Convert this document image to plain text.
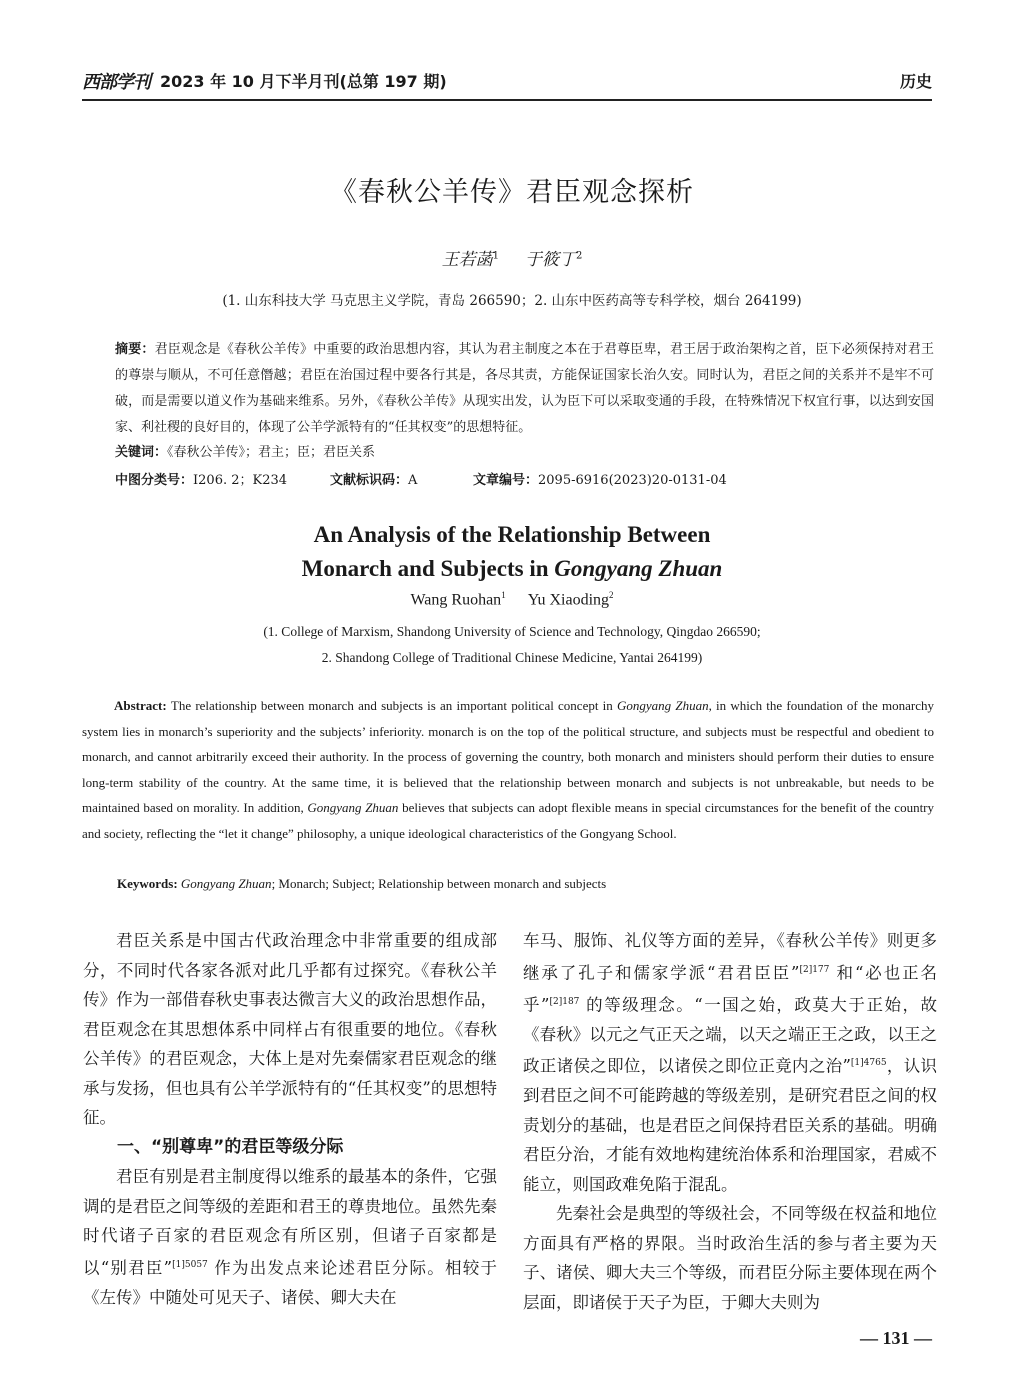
西部学刊 2023 年 10 月下半月刊(总第 197 期)	历史
《春秋公羊传》君臣观念探析
王若菡$^1$ 于筱丁$^2$
(1. 山东科技大学 马克思主义学院，青岛 266590；2. 山东中医药高等专科学校，烟台 264199)

摘要：君臣观念是《春秋公羊传》中重要的政治思想内容，其认为君主制度之本在于君尊臣卑，君王居于政治架构之首，臣下必须保持对君王的尊崇与顺从，不可任意僭越；君臣在治国过程中要各行其是，各尽其责，方能保证国家长治久安。同时认为，君臣之间的关系并不是牢不可破，而是需要以道义作为基础来维系。另外，《春秋公羊传》从现实出发，认为臣下可以采取变通的手段，在特殊情况下权宜行事，以达到安国家、利社稷的良好目的，体现了公羊学派特有的“任其权变”的思想特征。

关键词：《春秋公羊传》；君主；臣；君臣关系
中图分类号：I206. 2；K234	文献标识码：A	文章编号：2095-6916(2023)20-0131-04
An Analysis of the Relationship Between
Monarch and Subjects in Gongyang Zhuan
Wang Ruohan$^1$ Yu Xiaoding$^2$
(1. College of Marxism, Shandong University of Science and Technology, Qingdao 266590;
2. Shandong College of Traditional Chinese Medicine, Yantai 264199)
Abstract: The relationship between monarch and subjects is an important political concept in Gongyang Zhuan, in which the foundation of the monarchy system lies in monarch’s superiority and the subjects’ inferiority. monarch is on the top of the political structure, and subjects must be respectful and obedient to monarch, and cannot arbitrarily exceed their authority. In the process of governing the country, both monarch and ministers should perform their duties to ensure long-term stability of the country. At the same time, it is believed that the relationship between monarch and subjects is not unbreakable, but needs to be maintained based on morality. In addition, Gongyang Zhuan believes that subjects can adopt flexible means in special circumstances for the benefit of the country and society, reflecting the “let it change” philosophy, a unique ideological characteristics of the Gongyang School.
Keywords: Gongyang Zhuan; Monarch; Subject; Relationship between monarch and subjects

君臣关系是中国古代政治理念中非常重要的组成部分，不同时代各家各派对此几乎都有过探究。《春秋公羊传》作为一部借春秋史事表达微言大义的政治思想作品，君臣观念在其思想体系中同样占有很重要的地位。《春秋公羊传》的君臣观念，大体上是对先秦儒家君臣观念的继承与发扬，但也具有公羊学派特有的“任其权变”的思想特征。

一、“别尊卑”的君臣等级分际

君臣有别是君主制度得以维系的最基本的条件，它强调的是君臣之间等级的差距和君王的尊贵地位。虽然先秦时代诸子百家的君臣观念有所区别，但诸子百家都是以“别君臣”$^{[1]5057}$ 作为出发点来论述君臣分际。相较于《左传》中随处可见天子、诸侯、卿大夫在

车马、服饰、礼仪等方面的差异，《春秋公羊传》则更多继承了孔子和儒家学派“君君臣臣”$^{[2]177}$ 和“必也正名乎”$^{[2]187}$ 的等级理念。“一国之始，政莫大于正始，故《春秋》以元之气正天之端，以天之端正王之政，以王之政正诸侯之即位，以诸侯之即位正竟内之治”$^{[1]4765}$，认识到君臣之间不可能跨越的等级差别，是研究君臣之间的权责划分的基础，也是君臣之间保持君臣关系的基础。明确君臣分治，才能有效地构建统治体系和治理国家，君威不能立，则国政难免陷于混乱。

先秦社会是典型的等级社会，不同等级在权益和地位方面具有严格的界限。当时政治生活的参与者主要为天子、诸侯、卿大夫三个等级，而君臣分际主要体现在两个层面，即诸侯于天子为臣，于卿大夫则为

— 131 —
